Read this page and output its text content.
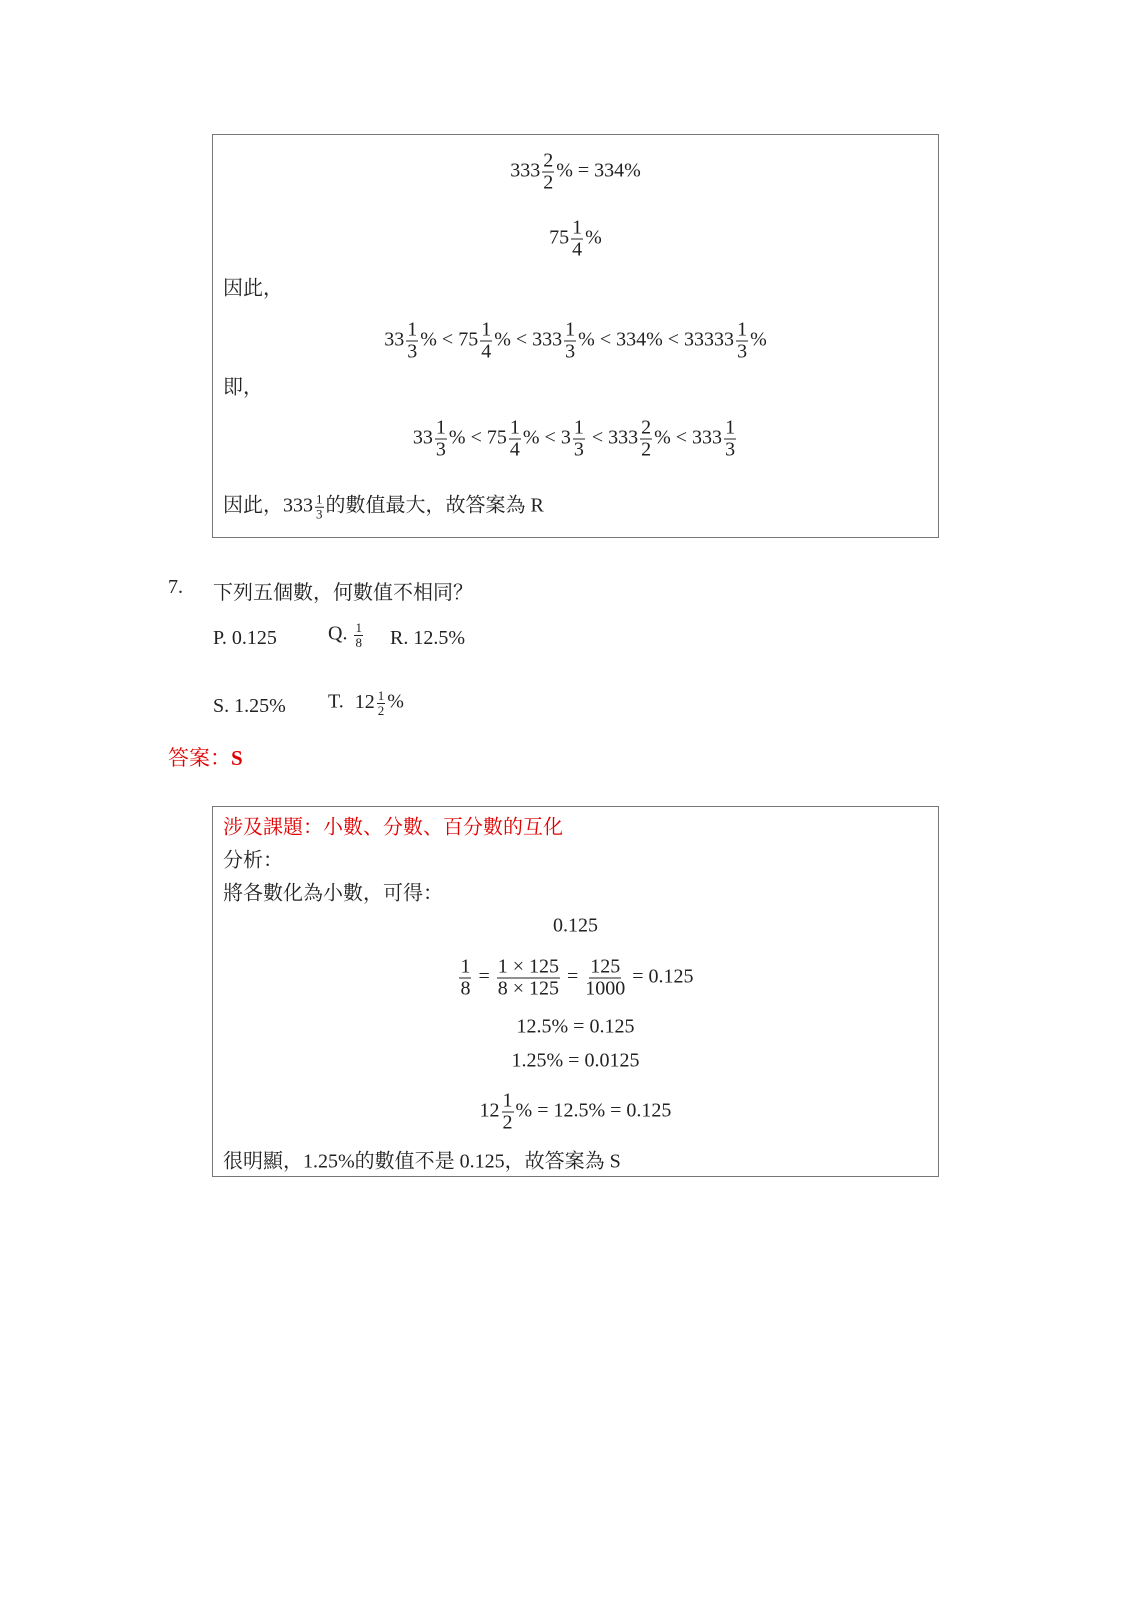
$333 \frac{2}{2}$ % = 334%
$75 \frac{1}{4}$ %
因此，
$33 \frac{1}{3}$ % < $75 \frac{1}{4}$ % < $333 \frac{1}{3}$ % < $334\% < 33333 \frac{1}{3}$ %
即，
$33 \frac{1}{3}$ % < $75 \frac{1}{4}$ % < $3 \frac{1}{3} < 333 \frac{2}{2}$ % < $333 \frac{1}{3}$
因此，$333 \frac{1}{3}$ 的數值最大，故答案為 R
7. 下列五個數，何數值不相同？
P. 0.125	Q. $\frac{1}{8} R$. 12.5%
S. 1.25% T. $12 \frac{1}{2}$ %
答案：S
涉及課題：小數、分數、百分數的互化
分析：
將各數化為小數，可得：
0.125
$\frac{1}{8} = \frac{1 \times 125}{8 \times 125} = \frac{125}{1000} = 0.125$
12.5% = 0.125
1.25% = 0.0125
$12 \frac{1}{2}$ % = 12.5% = 0.125
很明顯，1.25%的數值不是 0.125，故答案為 S
